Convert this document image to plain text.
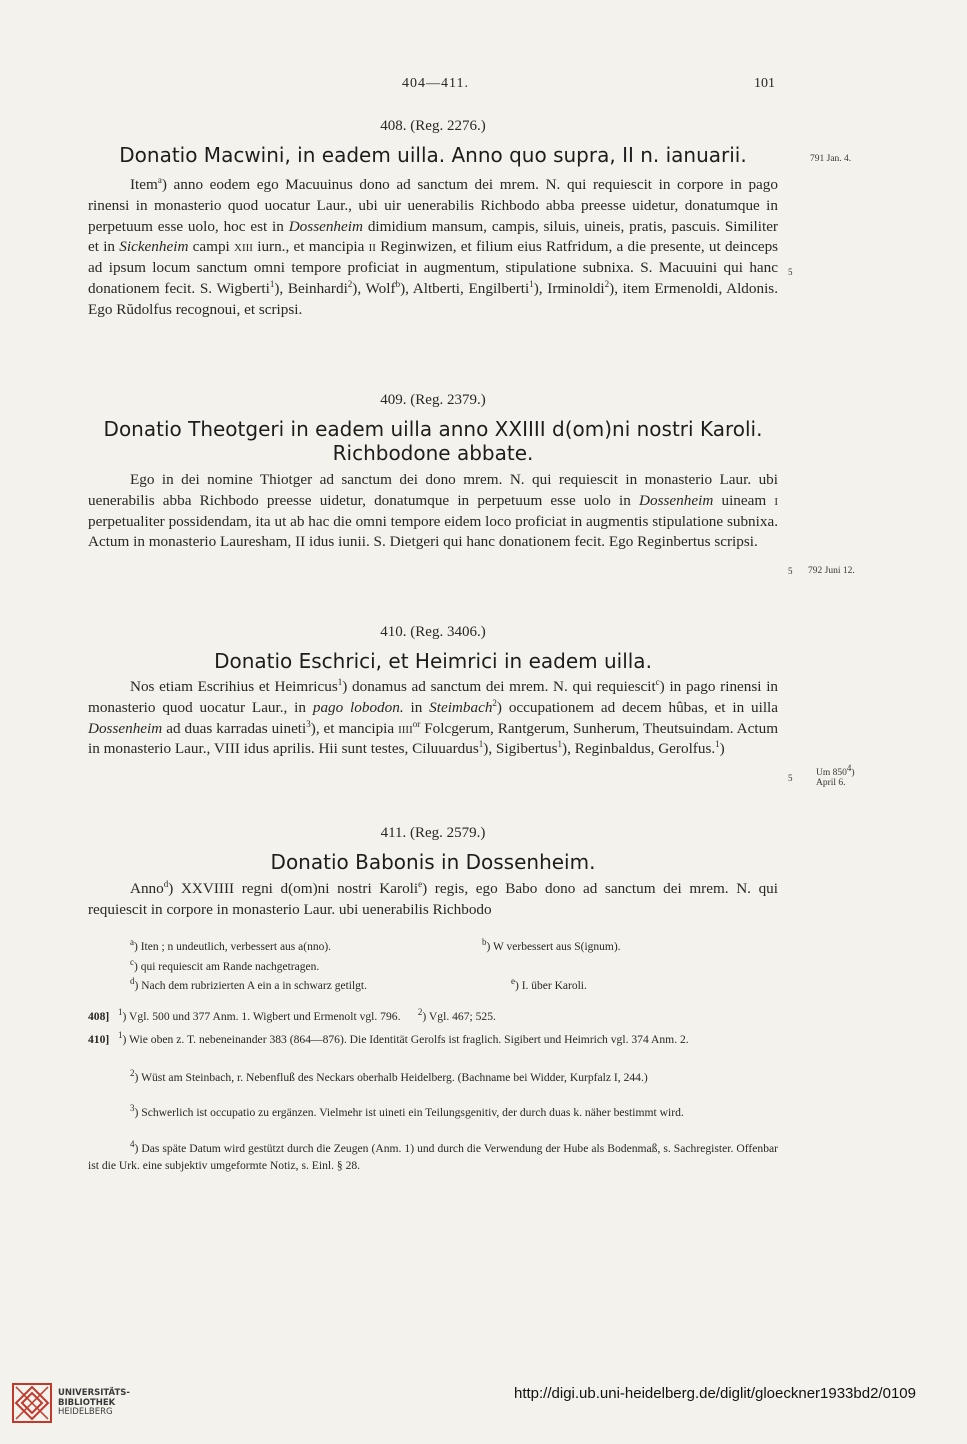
404—411.	101
408. (Reg. 2276.)
Donatio Macwini, in eadem uilla. Anno quo supra, II n. ianuarii.	791 Jan. 4.
5
Item$^a$) anno eodem ego Macuuinus dono ad sanctum dei mrem. N. qui requiescit in corpore in pago rinensi in monasterio quod uocatur Laur., ubi uir uenerabilis Richbodo abba preesse uidetur, donatumque in perpetuum esse uolo, hoc est in Dossenheim dimidium mansum, campis, siluis, uineis, pratis, pascuis. Similiter et in Sickenheim campi xiii iurn., et mancipia ii Reginwizen, et filium eius Ratfridum, a die presente, ut deinceps ad ipsum locum sanctum omni tempore proficiat in augmentum, stipulatione subnixa. S. Macuuini qui hanc donationem fecit. S. Wigberti$^1$), Beinhardi$^2$), Wolf$^b$), Altberti, Engilberti$^1$), Irminoldi$^2$), item Ermenoldi, Aldonis. Ego Rŭdolfus recognoui, et scripsi.
409. (Reg. 2379.)
Donatio Theotgeri in eadem uilla anno XXIIII d(om)ni nostri Karoli.
Richbodone abbate.
792 Juni 12.
5
Ego in dei nomine Thiotger ad sanctum dei dono mrem. N. qui requiescit in monasterio Laur. ubi uenerabilis abba Richbodo preesse uidetur, donatumque in perpetuum esse uolo in Dossenheim uineam i perpetualiter possidendam, ita ut ab hac die omni tempore eidem loco proficiat in augmentis stipulatione subnixa. Actum in monasterio Lauresham, II idus iunii. S. Dietgeri qui hanc donationem fecit. Ego Reginbertus scripsi.
410. (Reg. 3406.)
Donatio Eschrici, et Heimrici in eadem uilla.
Um $850^4$)
April 6.
5
Nos etiam Escrihius et Heimricus$^1$) donamus ad sanctum dei mrem. N. qui requiescit$^c$) in pago rinensi in monasterio quod uocatur Laur., in pago lobodon. in Steimbach$^2$) occupationem ad decem hûbas, et in uilla Dossenheim ad duas karradas uineti$^3$), et mancipia iiii$^{or}$ Folcgerum, Rantgerum, Sunherum, Theutsuindam. Actum in monasterio Laur., VIII idus aprilis. Hii sunt testes, Ciluuardus$^1$), Sigibertus$^1$), Reginbaldus, Gerolfus.$^1$)
411. (Reg. 2579.)
Donatio Babonis in Dossenheim.
Anno$^d$) XXVIIII regni d(om)ni nostri Karoli$^e$) regis, ego Babo dono ad sanctum dei mrem. N. qui requiescit in corpore in monasterio Laur. ubi uenerabilis Richbodo
$^a$) Iten ; n undeutlich, verbessert aus a(nno).	$^b$) W verbessert aus S(ignum).
$^c$) qui requiescit am Rande nachgetragen.
$^d$) Nach dem rubrizierten A ein a in schwarz getilgt.	$^e$) I. über Karoli.
408] $^1$) Vgl. 500 und 377 Anm. 1. Wigbert und Ermenolt vgl. 796. $^2$) Vgl. 467; 525.
410] $^1$) Wie oben z. T. nebeneinander 383 (864—876). Die Identität Gerolfs ist fraglich. Sigibert und Heimrich vgl. 374 Anm. 2.
$^2$) Wüst am Steinbach, r. Nebenfluß des Neckars oberhalb Heidelberg. (Bachname bei Widder, Kurpfalz I, 244.)
$^3$) Schwerlich ist occupatio zu ergänzen. Vielmehr ist uineti ein Teilungsgenitiv, der durch duas k. näher bestimmt wird.
$^4$) Das späte Datum wird gestützt durch die Zeugen (Anm. 1) und durch die Verwendung der Hube als Bodenmaß, s. Sachregister. Offenbar ist die Urk. eine subjektiv umgeformte Notiz, s. Einl. § 28.
UNIVERSITÄTS-
BIBLIOTHEK
HEIDELBERG
http://digi.ub.uni-heidelberg.de/diglit/gloeckner1933bd2/0109
